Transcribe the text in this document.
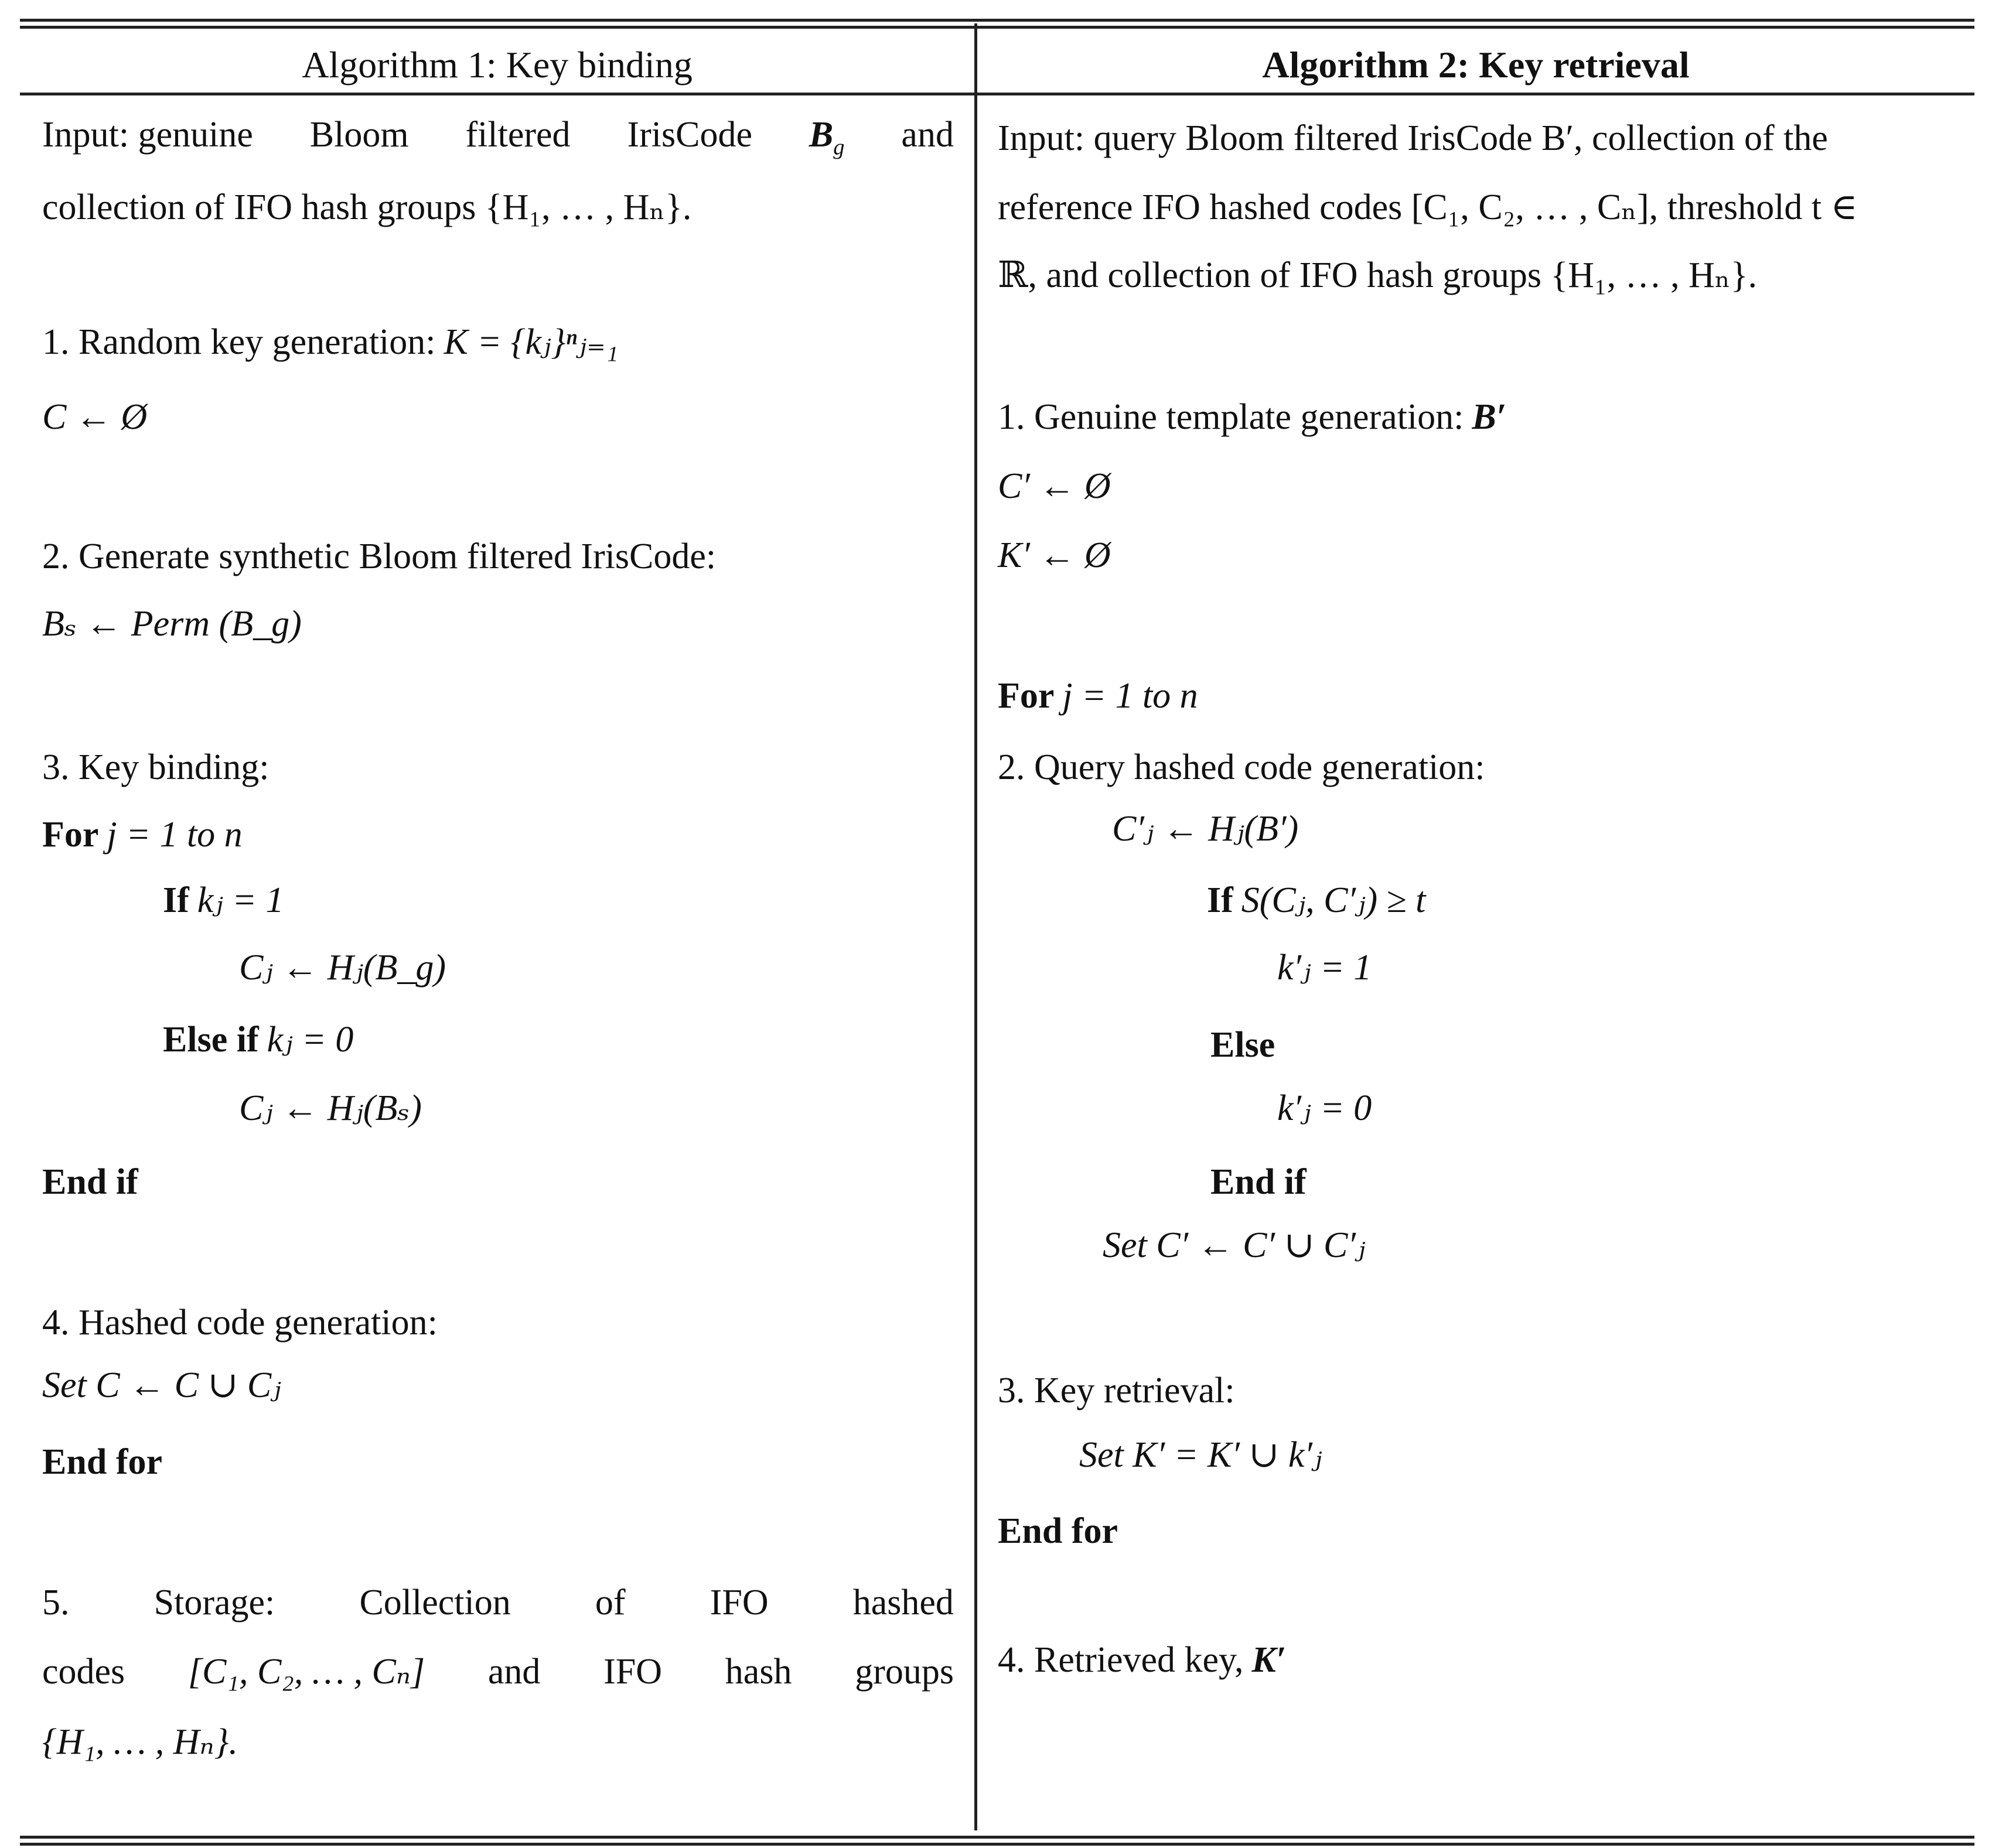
Algorithm 1: Key binding	Algorithm 2: Key retrieval
Input: genuine Bloom filtered IrisCode $B_g$ and
collection of IFO hash groups {H₁, … , Hₙ}.
1. Random key generation: K = {kⱼ}ⁿⱼ₌₁
C ← Ø
2. Generate synthetic Bloom filtered IrisCode:
Bₛ ← Perm (B_g)
3. Key binding:
For j = 1 to n
If kⱼ = 1
Cⱼ ← Hⱼ(B_g)
Else if kⱼ = 0
Cⱼ ← Hⱼ(Bₛ)
End if
4. Hashed code generation:
Set C ← C ∪ Cⱼ
End for
5. Storage: Collection of IFO hashed
codes [C₁, C₂, … , Cₙ] and IFO hash groups
{H₁, … , Hₙ}.
Input: query Bloom filtered IrisCode B′, collection of the
reference IFO hashed codes [C₁, C₂, … , Cₙ], threshold t ∈
ℝ, and collection of IFO hash groups {H₁, … , Hₙ}.
1. Genuine template generation: B′
C′ ← Ø
K′ ← Ø
For j = 1 to n
2. Query hashed code generation:
C′ⱼ ← Hⱼ(B′)
If S(Cⱼ, C′ⱼ) ≥ t
k′ⱼ = 1
Else
k′ⱼ = 0
End if
Set C′ ← C′ ∪ C′ⱼ
3. Key retrieval:
Set K′ = K′ ∪ k′ⱼ
End for
4. Retrieved key, K′
